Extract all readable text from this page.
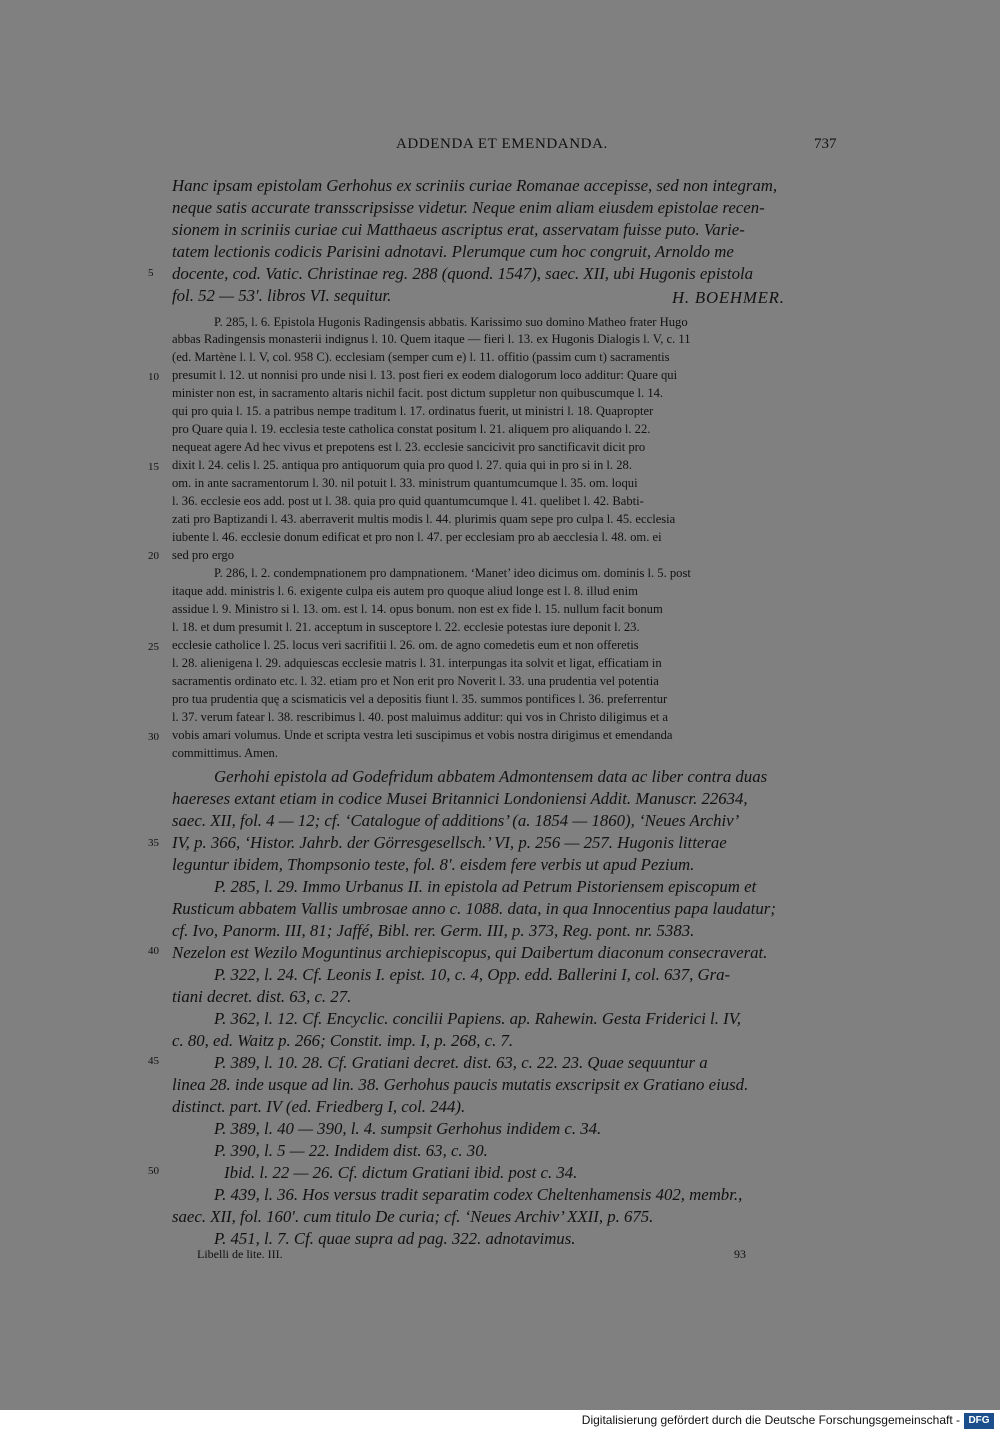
ADDENDA ET EMENDANDA.	737
Hanc ipsam epistolam Gerhohus ex scriniis curiae Romanae accepisse, sed non integram,
neque satis accurate transscripsisse videtur. Neque enim aliam eiusdem epistolae recen-
sionem in scriniis curiae cui Matthaeus ascriptus erat, asservatam fuisse puto. Varie-
tatem lectionis codicis Parisini adnotavi. Plerumque cum hoc congruit, Arnoldo me
docente, cod. Vatic. Christinae reg. 288 (quond. 1547), saec. XII, ubi Hugonis epistola
fol. 52 — 53′. libros VI. sequitur.	H. BOEHMER.
P. 285, l. 6. Epistola Hugonis Radingensis abbatis. Karissimo suo domino Matheo frater Hugo
abbas Radingensis monasterii indignus l. 10. Quem itaque — fieri l. 13. ex Hugonis Dialogis l. V, c. 11
(ed. Martène l. l. V, col. 958 C). ecclesiam (semper cum e) l. 11. offitio (passim cum t) sacramentis
presumit l. 12. ut nonnisi pro unde nisi l. 13. post fieri ex eodem dialogorum loco additur: Quare qui
minister non est, in sacramento altaris nichil facit. post dictum suppletur non quibuscumque l. 14.
qui pro quia l. 15. a patribus nempe traditum l. 17. ordinatus fuerit, ut ministri l. 18. Quapropter
pro Quare quia l. 19. ecclesia teste catholica constat positum l. 21. aliquem pro aliquando l. 22.
nequeat agere Ad hec vivus et prepotens est l. 23. ecclesie sancicivit pro sanctificavit dicit pro
dixit l. 24. celis l. 25. antiqua pro antiquorum quia pro quod l. 27. quia qui in pro si in l. 28.
om. in ante sacramentorum l. 30. nil potuit l. 33. ministrum quantumcumque l. 35. om. loqui
l. 36. ecclesie eos add. post ut l. 38. quia pro quid quantumcumque l. 41. quelibet l. 42. Babti-
zati pro Baptizandi l. 43. aberraverit multis modis l. 44. plurimis quam sepe pro culpa l. 45. ecclesia
iubente l. 46. ecclesie donum edificat et pro non l. 47. per ecclesiam pro ab aecclesia l. 48. om. ei
sed pro ergo
P. 286, l. 2. condempnationem pro dampnationem. ‘Manet’ ideo dicimus om. dominis l. 5. post
itaque add. ministris l. 6. exigente culpa eis autem pro quoque aliud longe est l. 8. illud enim
assidue l. 9. Ministro si l. 13. om. est l. 14. opus bonum. non est ex fide l. 15. nullum facit bonum
l. 18. et dum presumit l. 21. acceptum in susceptore l. 22. ecclesie potestas iure deponit l. 23.
ecclesie catholice l. 25. locus veri sacrifitii l. 26. om. de agno comedetis eum et non offeretis
l. 28. alienigena l. 29. adquiescas ecclesie matris l. 31. interpungas ita solvit et ligat, efficatiam in
sacramentis ordinato etc. l. 32. etiam pro et Non erit pro Noverit l. 33. una prudentia vel potentia
pro tua prudentia quę a scismaticis vel a depositis fiunt l. 35. summos pontifices l. 36. preferrentur
l. 37. verum fatear l. 38. rescribimus l. 40. post maluimus additur: qui vos in Christo diligimus et a
vobis amari volumus. Unde et scripta vestra leti suscipimus et vobis nostra dirigimus et emendanda
committimus. Amen.
Gerhohi epistola ad Godefridum abbatem Admontensem data ac liber contra duas
haereses extant etiam in codice Musei Britannici Londoniensi Addit. Manuscr. 22634,
saec. XII, fol. 4 — 12; cf. ‘Catalogue of additions’ (a. 1854 — 1860), ‘Neues Archiv’
IV, p. 366, ‘Histor. Jahrb. der Görresgesellsch.’ VI, p. 256 — 257. Hugonis litterae
leguntur ibidem, Thompsonio teste, fol. 8′. eisdem fere verbis ut apud Pezium.
P. 285, l. 29. Immo Urbanus II. in epistola ad Petrum Pistoriensem episcopum et
Rusticum abbatem Vallis umbrosae anno c. 1088. data, in qua Innocentius papa laudatur;
cf. Ivo, Panorm. III, 81; Jaffé, Bibl. rer. Germ. III, p. 373, Reg. pont. nr. 5383.
Nezelon est Wezilo Moguntinus archiepiscopus, qui Daibertum diaconum consecraverat.
P. 322, l. 24. Cf. Leonis I. epist. 10, c. 4, Opp. edd. Ballerini I, col. 637, Gra-
tiani decret. dist. 63, c. 27.
P. 362, l. 12. Cf. Encyclic. concilii Papiens. ap. Rahewin. Gesta Friderici l. IV,
c. 80, ed. Waitz p. 266; Constit. imp. I, p. 268, c. 7.
P. 389, l. 10. 28. Cf. Gratiani decret. dist. 63, c. 22. 23. Quae sequuntur a
linea 28. inde usque ad lin. 38. Gerhohus paucis mutatis exscripsit ex Gratiano eiusd.
distinct. part. IV (ed. Friedberg I, col. 244).
P. 389, l. 40 — 390, l. 4. sumpsit Gerhohus indidem c. 34.
P. 390, l. 5 — 22. Indidem dist. 63, c. 30.
Ibid. l. 22 — 26. Cf. dictum Gratiani ibid. post c. 34.
P. 439, l. 36. Hos versus tradit separatim codex Cheltenhamensis 402, membr.,
saec. XII, fol. 160′. cum titulo De curia; cf. ‘Neues Archiv’ XXII, p. 675.
P. 451, l. 7. Cf. quae supra ad pag. 322. adnotavimus.
5
10
15
20
25
30
35
40
45
50
Libelli de lite. III.	93
Digitalisierung gefördert durch die Deutsche Forschungsgemeinschaft - DFG
